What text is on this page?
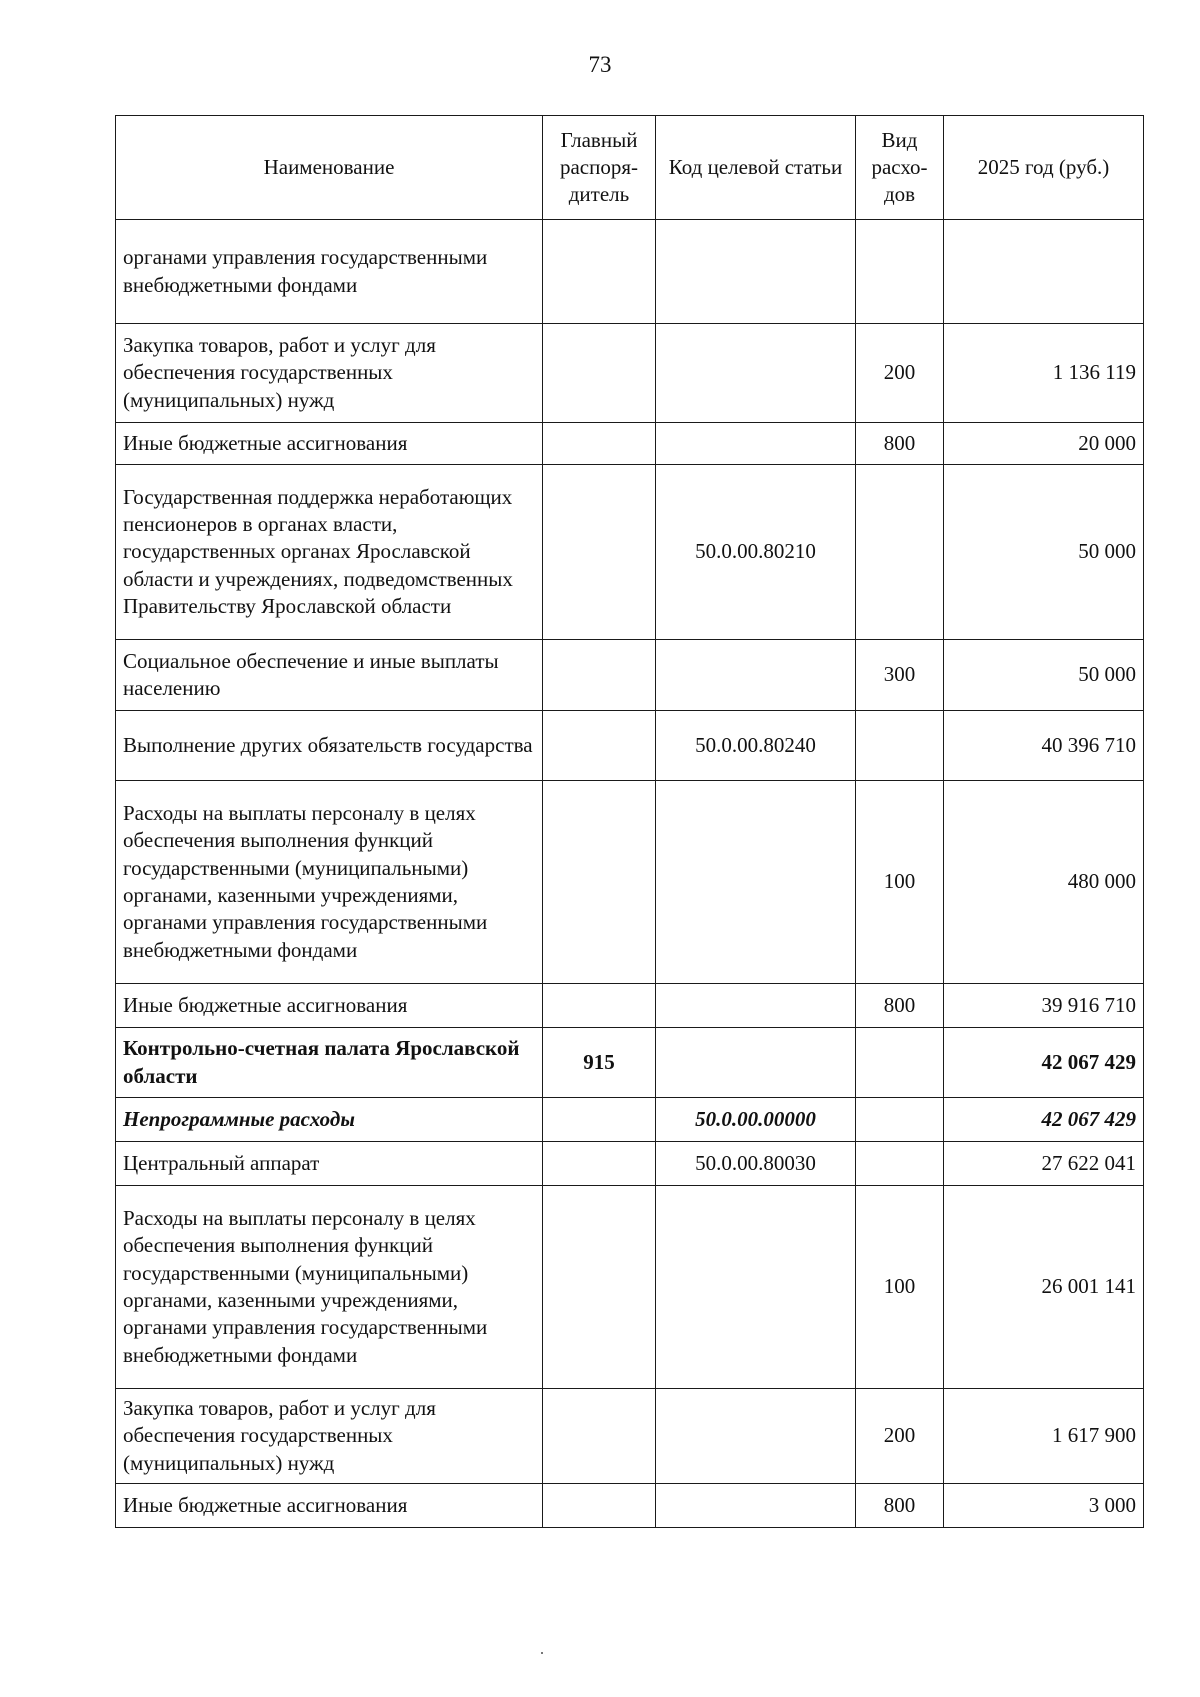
73
Наименование	Главный распоря-дитель	Код целевой статьи	Вид расхо-дов	2025 год (руб.)
органами управления государственными внебюджетными фондами				
Закупка товаров, работ и услуг для обеспечения государственных (муниципальных) нужд			200	1 136 119
Иные бюджетные ассигнования			800	20 000
Государственная поддержка неработающих пенсионеров в органах власти, государственных органах Ярославской области и учреждениях, подведомственных Правительству Ярославской области		50.0.00.80210		50 000
Социальное обеспечение и иные выплаты населению			300	50 000
Выполнение других обязательств государства		50.0.00.80240		40 396 710
Расходы на выплаты персоналу в целях обеспечения выполнения функций государственными (муниципальными) органами, казенными учреждениями, органами управления государственными внебюджетными фондами			100	480 000
Иные бюджетные ассигнования			800	39 916 710
Контрольно-счетная палата Ярославской области	915			42 067 429
Непрограммные расходы		50.0.00.00000		42 067 429
Центральный аппарат		50.0.00.80030		27 622 041
Расходы на выплаты персоналу в целях обеспечения выполнения функций государственными (муниципальными) органами, казенными учреждениями, органами управления государственными внебюджетными фондами			100	26 001 141
Закупка товаров, работ и услуг для обеспечения государственных (муниципальных) нужд			200	1 617 900
Иные бюджетные ассигнования			800	3 000
